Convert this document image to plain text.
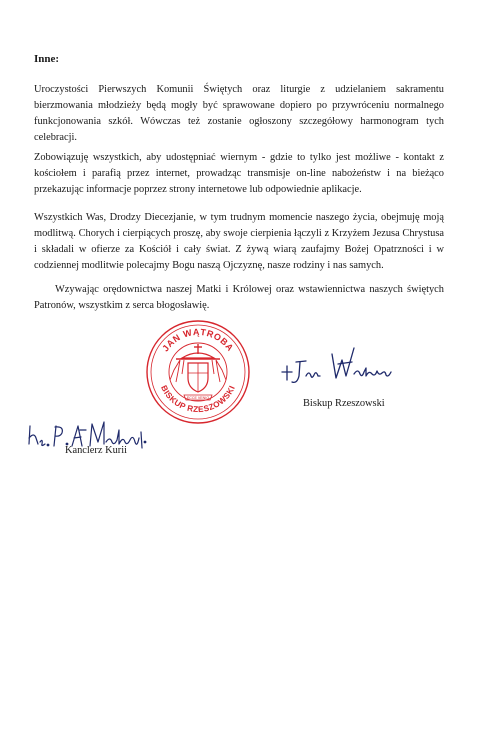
Inne:

Uroczystości Pierwszych Komunii Świętych oraz liturgie z udzielaniem sakramentu bierzmowania młodzieży będą mogły być sprawowane dopiero po przywróceniu normalnego funkcjonowania szkół. Wówczas też zostanie ogłoszony szczegółowy harmonogram tych celebracji.

Zobowiązuję wszystkich, aby udostępniać wiernym - gdzie to tylko jest możliwe - kontakt z kościołem i parafią przez internet, prowadząc transmisje on-line nabożeństw i na bieżąco przekazując informacje poprzez strony internetowe lub odpowiednie aplikacje.

Wszystkich Was, Drodzy Diecezjanie, w tym trudnym momencie naszego życia, obejmuję moją modlitwą. Chorych i cierpiących proszę, aby swoje cierpienia łączyli z Krzyżem Jezusa Chrystusa i składali w ofierze za Kościół i cały świat. Z żywą wiarą zaufajmy Bożej Opatrzności i w codziennej modlitwie polecajmy Bogu naszą Ojczyznę, nasze rodziny i nas samych.

Wzywając orędownictwa naszej Matki i Królowej oraz wstawiennictwa naszych świętych Patronów, wszystkim z serca błogosławię.

JAN WĄTROBA
BISKUP RZESZOWSKI
ECCE VENIO	Biskup Rzeszowski

Kanclerz Kurii
